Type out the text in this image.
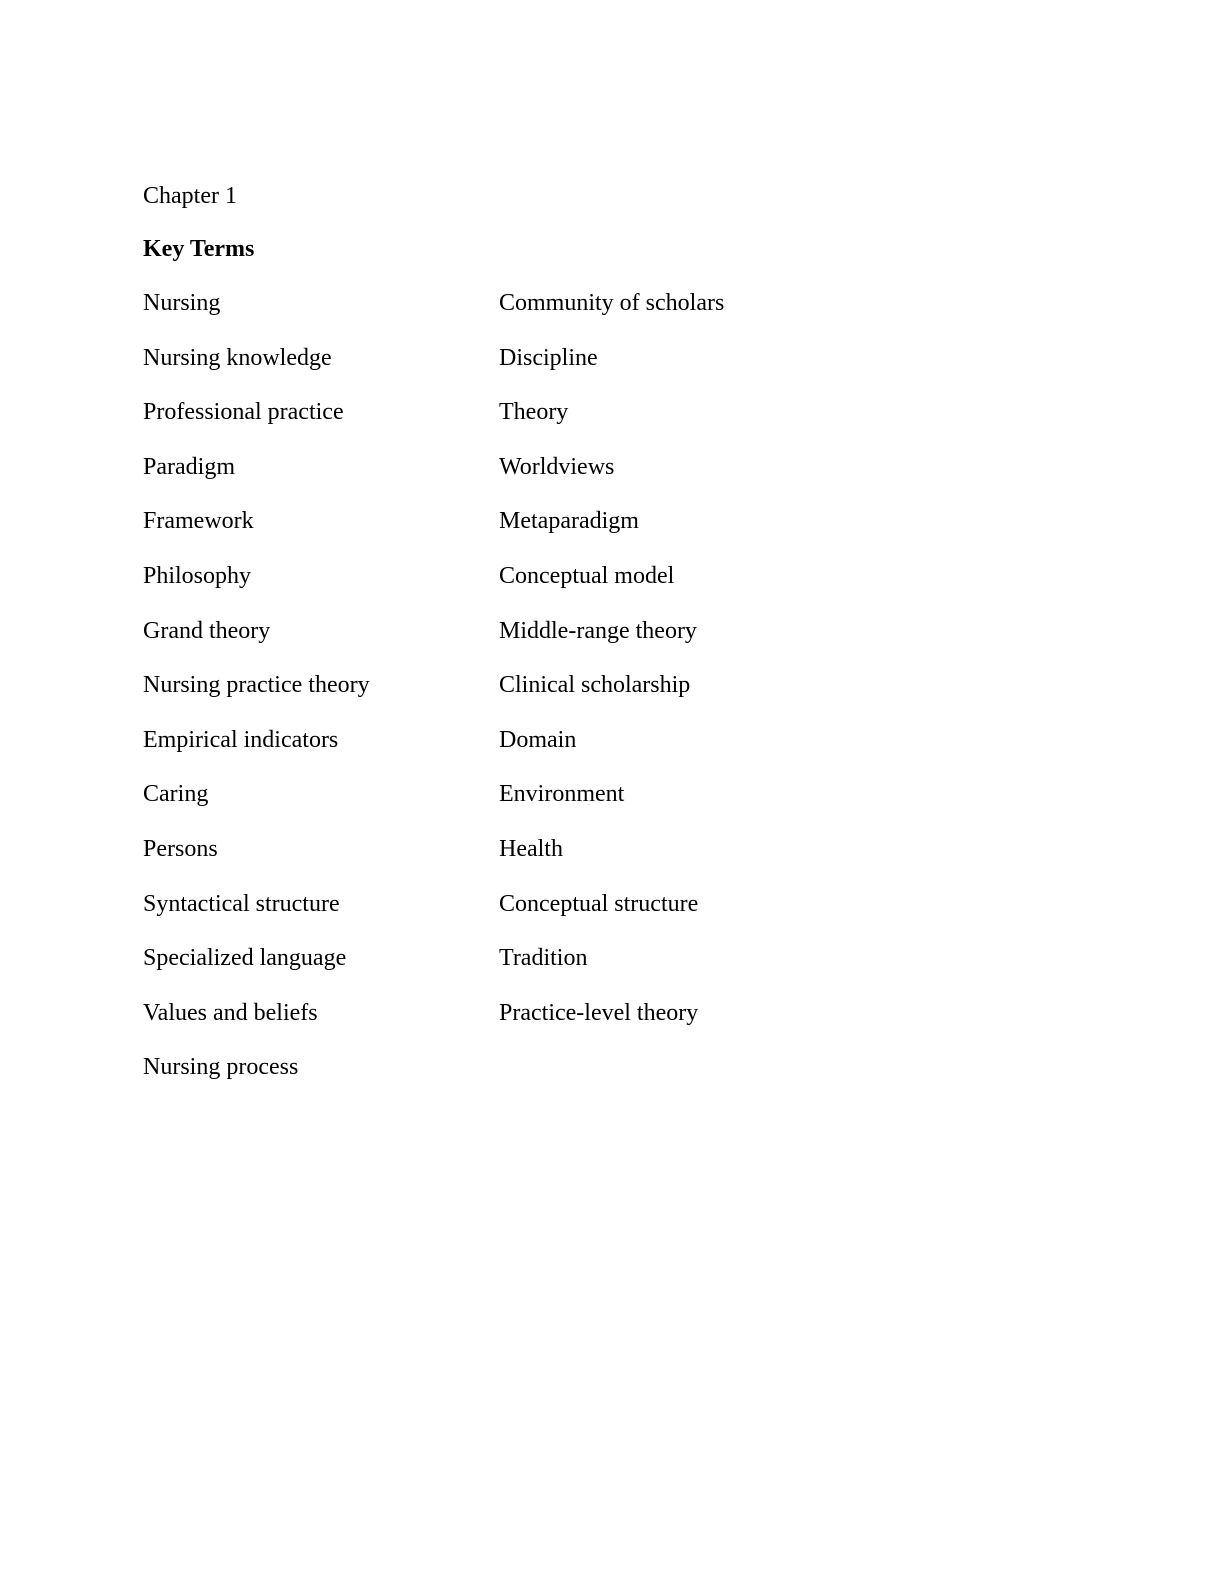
Chapter 1
Key Terms
Nursing	Community of scholars
Nursing knowledge	Discipline
Professional practice	Theory
Paradigm	Worldviews
Framework	Metaparadigm
Philosophy	Conceptual model
Grand theory	Middle-range theory
Nursing practice theory	Clinical scholarship
Empirical indicators	Domain
Caring	Environment
Persons	Health
Syntactical structure	Conceptual structure
Specialized language	Tradition
Values and beliefs	Practice-level theory
Nursing process
